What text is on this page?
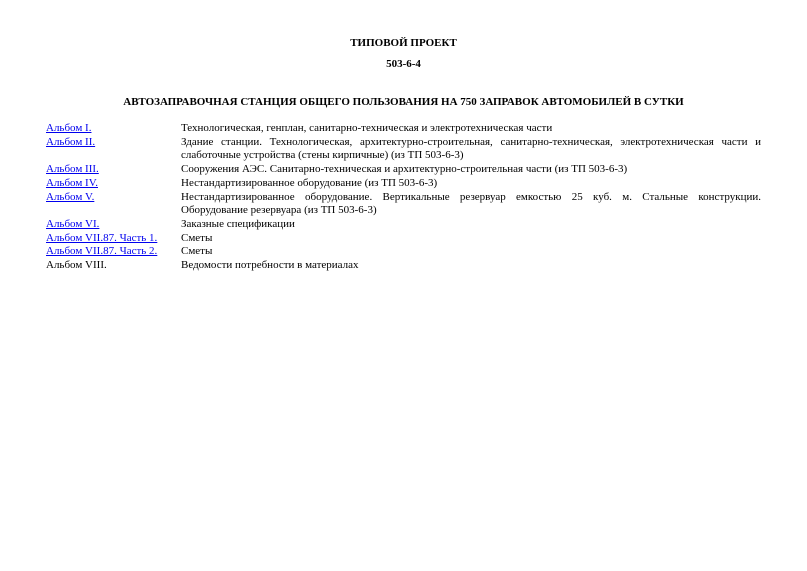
ТИПОВОЙ ПРОЕКТ
503-6-4
АВТОЗАПРАВОЧНАЯ СТАНЦИЯ ОБЩЕГО ПОЛЬЗОВАНИЯ НА 750 ЗАПРАВОК АВТОМОБИЛЕЙ В СУТКИ
Альбом I.	Технологическая, генплан, санитарно-техническая и электротехническая части
Альбом II.	Здание станции. Технологическая, архитектурно-строительная, санитарно-техническая, электротехническая части и слаботочные устройства (стены кирпичные) (из ТП 503-6-3)
Альбом III.	Сооружения АЭС. Санитарно-техническая и архитектурно-строительная части (из ТП 503-6-3)
Альбом IV.	Нестандартизированное оборудование (из ТП 503-6-3)
Альбом V.	Нестандартизированное оборудование. Вертикальные резервуар емкостью 25 куб. м. Стальные конструкции. Оборудование резервуара (из ТП 503-6-3)
Альбом VI.	Заказные спецификации
Альбом VII.87. Часть 1.	Сметы
Альбом VII.87. Часть 2.	Сметы
Альбом VIII.	Ведомости потребности в материалах
